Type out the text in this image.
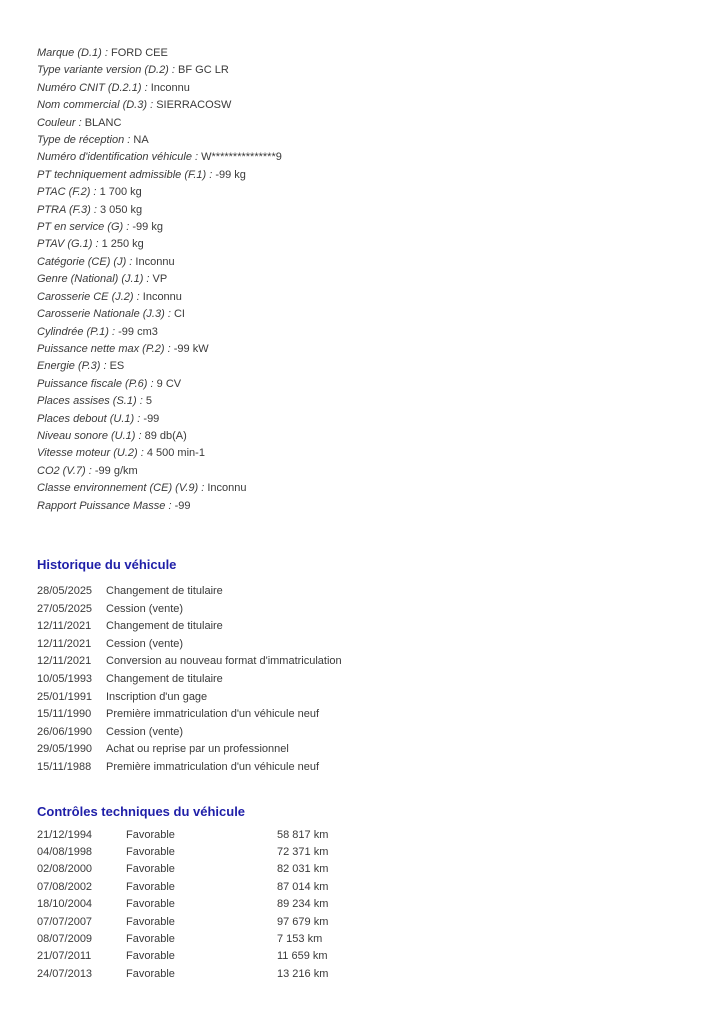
Marque (D.1) : FORD CEE
Type variante version (D.2) : BF GC LR
Numéro CNIT (D.2.1) : Inconnu
Nom commercial (D.3) : SIERRACOSW
Couleur : BLANC
Type de réception : NA
Numéro d'identification véhicule : W***************9
PT techniquement admissible (F.1) : -99 kg
PTAC (F.2) : 1 700 kg
PTRA (F.3) : 3 050 kg
PT en service (G) : -99 kg
PTAV (G.1) : 1 250 kg
Catégorie (CE) (J) : Inconnu
Genre (National) (J.1) : VP
Carosserie CE (J.2) : Inconnu
Carosserie Nationale (J.3) : CI
Cylindrée (P.1) : -99 cm3
Puissance nette max (P.2) : -99 kW
Energie (P.3) : ES
Puissance fiscale (P.6) : 9 CV
Places assises (S.1) : 5
Places debout (U.1) : -99
Niveau sonore (U.1) : 89 db(A)
Vitesse moteur (U.2) : 4 500 min-1
CO2 (V.7) : -99 g/km
Classe environnement (CE) (V.9) : Inconnu
Rapport Puissance Masse : -99
Historique du véhicule
28/05/2025 Changement de titulaire
27/05/2025 Cession (vente)
12/11/2021 Changement de titulaire
12/11/2021 Cession (vente)
12/11/2021 Conversion au nouveau format d'immatriculation
10/05/1993 Changement de titulaire
25/01/1991 Inscription d'un gage
15/11/1990 Première immatriculation d'un véhicule neuf
26/06/1990 Cession (vente)
29/05/1990 Achat ou reprise par un professionnel
15/11/1988 Première immatriculation d'un véhicule neuf
Contrôles techniques du véhicule
21/12/1994	Favorable	58 817 km
04/08/1998	Favorable	72 371 km
02/08/2000	Favorable	82 031 km
07/08/2002	Favorable	87 014 km
18/10/2004	Favorable	89 234 km
07/07/2007	Favorable	97 679 km
08/07/2009	Favorable	7 153 km
21/07/2011	Favorable	11 659 km
24/07/2013	Favorable	13 216 km
